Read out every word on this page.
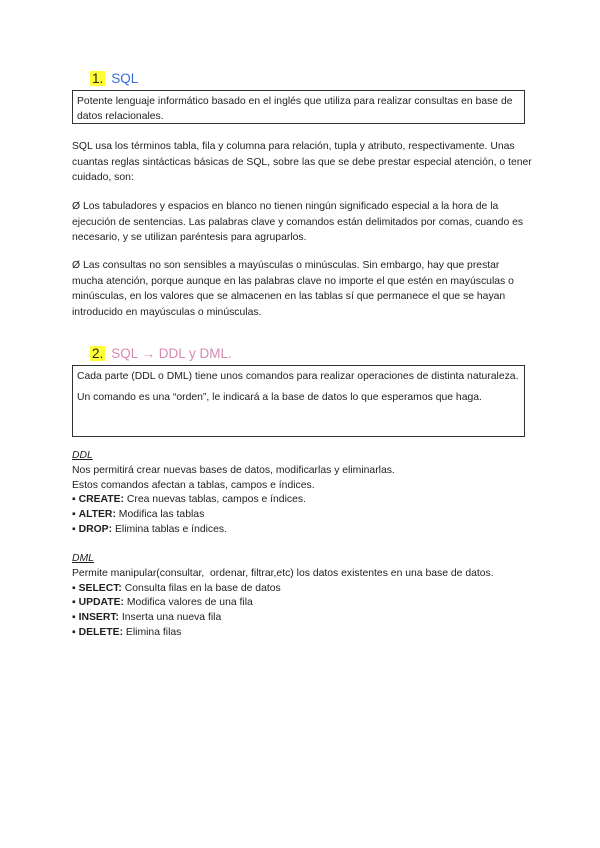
1. SQL
Potente lenguaje informático basado en el inglés que utiliza para realizar consultas en base de datos relacionales.

SQL usa los términos tabla, fila y columna para relación, tupla y atributo, respectivamente. Unas cuantas reglas sintácticas básicas de SQL, sobre las que se debe prestar especial atención, o tener cuidado, son:

Ø Los tabuladores y espacios en blanco no tienen ningún significado especial a la hora de la ejecución de sentencias. Las palabras clave y comandos están delimitados por comas, cuando es necesario, y se utilizan paréntesis para agruparlos.

Ø Las consultas no son sensibles a mayúsculas o minúsculas. Sin embargo, hay que prestar mucha atención, porque aunque en las palabras clave no importe el que estén en mayúsculas o minúsculas, en los valores que se almacenen en las tablas sí que permanece el que se hayan introducido en mayúsculas o minúsculas.

2. SQL → DDL y DML.

Cada parte (DDL o DML) tiene unos comandos para realizar operaciones de distinta naturaleza.

Un comando es una “orden”, le indicará a la base de datos lo que esperamos que haga.

DDL
Nos permitirá crear nuevas bases de datos, modificarlas y eliminarlas.
Estos comandos afectan a tablas, campos e índices.
▪ CREATE: Crea nuevas tablas, campos e índices.
▪ ALTER: Modifica las tablas
▪ DROP: Elimina tablas e índices.
DML
Permite manipular(consultar,  ordenar, filtrar,etc) los datos existentes en una base de datos.
▪ SELECT: Consulta filas en la base de datos
▪ UPDATE: Modifica valores de una fila
▪ INSERT: Inserta una nueva fila
▪ DELETE: Elimina filas
